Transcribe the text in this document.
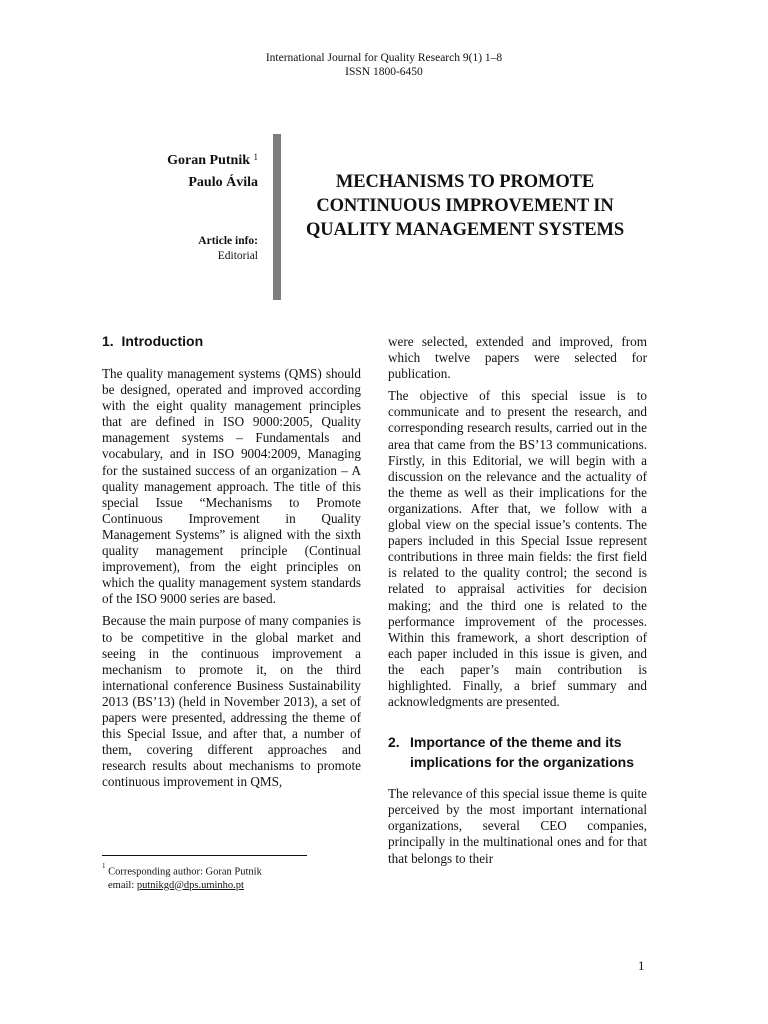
International Journal for Quality Research 9(1) 1–8
ISSN 1800-6450
Goran Putnik $^1$
Paulo Ávila
Article info:
Editorial
MECHANISMS TO PROMOTE CONTINUOUS IMPROVEMENT IN QUALITY MANAGEMENT SYSTEMS
1. Introduction

The quality management systems (QMS) should be designed, operated and improved according with the eight quality management principles that are defined in ISO 9000:2005, Quality management systems – Fundamentals and vocabulary, and in ISO 9004:2009, Managing for the sustained success of an organization – A quality management approach. The title of this special Issue “Mechanisms to Promote Continuous Improvement in Quality Management Systems” is aligned with the sixth quality management principle (Continual improvement), from the eight principles on which the quality management system standards of the ISO 9000 series are based.

Because the main purpose of many companies is to be competitive in the global market and seeing in the continuous improvement a mechanism to promote it, on the third international conference Business Sustainability 2013 (BS’13) (held in November 2013), a set of papers were presented, addressing the theme of this Special Issue, and after that, a number of them, covering different approaches and research results about mechanisms to promote continuous improvement in QMS,

were selected, extended and improved, from which twelve papers were selected for publication.

The objective of this special issue is to communicate and to present the research, and corresponding research results, carried out in the area that came from the BS’13 communications. Firstly, in this Editorial, we will begin with a discussion on the relevance and the actuality of the theme as well as their implications for the organizations. After that, we follow with a global view on the special issue’s contents. The papers included in this Special Issue represent contributions in three main fields: the first field is related to the quality control; the second is related to appraisal activities for decision making; and the third one is related to the performance improvement of the processes. Within this framework, a short description of each paper included in this issue is given, and the each paper’s main contribution is highlighted. Finally, a brief summary and acknowledgments are presented.

2. Importance of the theme and its implications for the organizations

The relevance of this special issue theme is quite perceived by the most important international organizations, several CEO companies, principally in the multinational ones and for that that belongs to their

$^1$ Corresponding author: Goran Putnik
email: putnikgd@dps.uminho.pt
1
